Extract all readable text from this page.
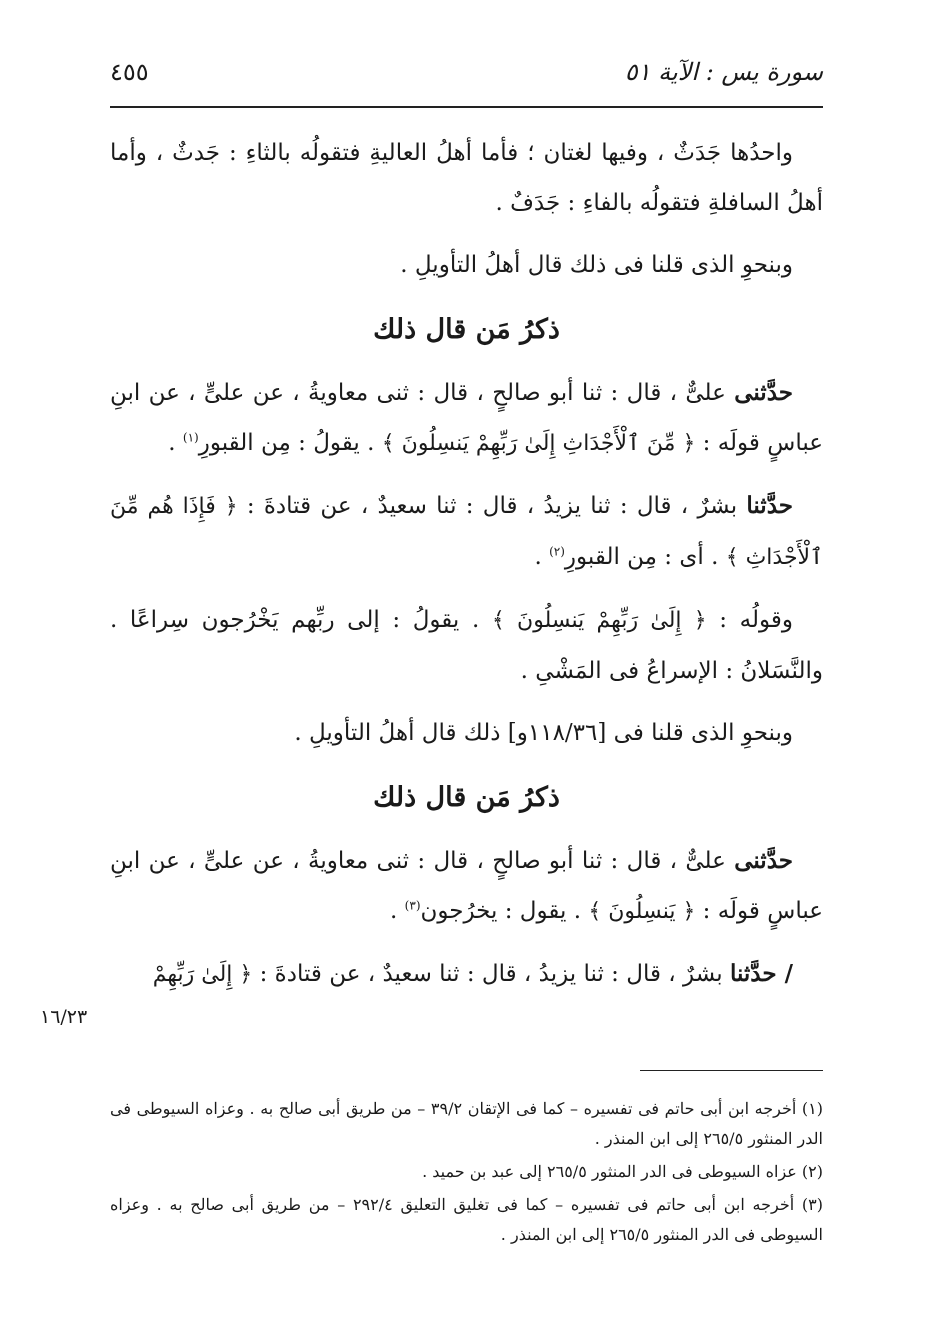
سورة يس : الآية ٥١
٤٥٥

واحدُها جَدَثٌ ، وفيها لغتان ؛ فأما أهلُ العاليةِ فتقولُه بالثاءِ : جَدثٌ ، وأما أهلُ السافلةِ فتقولُه بالفاءِ : جَدَفٌ .

وبنحوِ الذى قلنا فى ذلك قال أهلُ التأويلِ .

ذكرُ مَن قال ذلك

حدَّثنى علىٌّ ، قال : ثنا أبو صالحٍ ، قال : ثنى معاويةُ ، عن علىٍّ ، عن ابنِ عباسٍ قولَه : ﴿ مِّنَ ٱلْأَجْدَاثِ إِلَىٰ رَبِّهِمْ يَنسِلُونَ ﴾ . يقولُ : مِن القبورِ$^{(١)}$ .

حدَّثنا بشرٌ ، قال : ثنا يزيدُ ، قال : ثنا سعيدٌ ، عن قتادةَ : ﴿ فَإِذَا هُم مِّنَ ٱلْأَجْدَاثِ ﴾ . أى : مِن القبورِ$^{(٢)}$ .

وقولُه : ﴿ إِلَىٰ رَبِّهِمْ يَنسِلُونَ ﴾ . يقولُ : إلى ربِّهم يَخْرُجون سِراعًا . والنَّسَلانُ : الإسراعُ فى المَشْىِ .

وبنحوِ الذى قلنا فى [١١٨/٣٦و] ذلك قال أهلُ التأويلِ .

ذكرُ مَن قال ذلك

حدَّثنى علىٌّ ، قال : ثنا أبو صالحٍ ، قال : ثنى معاويةُ ، عن علىٍّ ، عن ابنِ عباسٍ قولَه : ﴿ يَنسِلُونَ ﴾ . يقول : يخرُجون$^{(٣)}$ .

/ حدَّثنا بشرٌ ، قال : ثنا يزيدُ ، قال : ثنا سعيدٌ ، عن قتادةَ : ﴿ إِلَىٰ رَبِّهِمْ

١٦/٢٣

(١) أخرجه ابن أبى حاتم فى تفسيره – كما فى الإتقان ٣٩/٢ – من طريق أبى صالح به . وعزاه السيوطى فى الدر المنثور ٢٦٥/٥ إلى ابن المنذر .

(٢) عزاه السيوطى فى الدر المنثور ٢٦٥/٥ إلى عبد بن حميد .

(٣) أخرجه ابن أبى حاتم فى تفسيره – كما فى تغليق التعليق ٢٩٢/٤ – من طريق أبى صالح به . وعزاه السيوطى فى الدر المنثور ٢٦٥/٥ إلى ابن المنذر .
